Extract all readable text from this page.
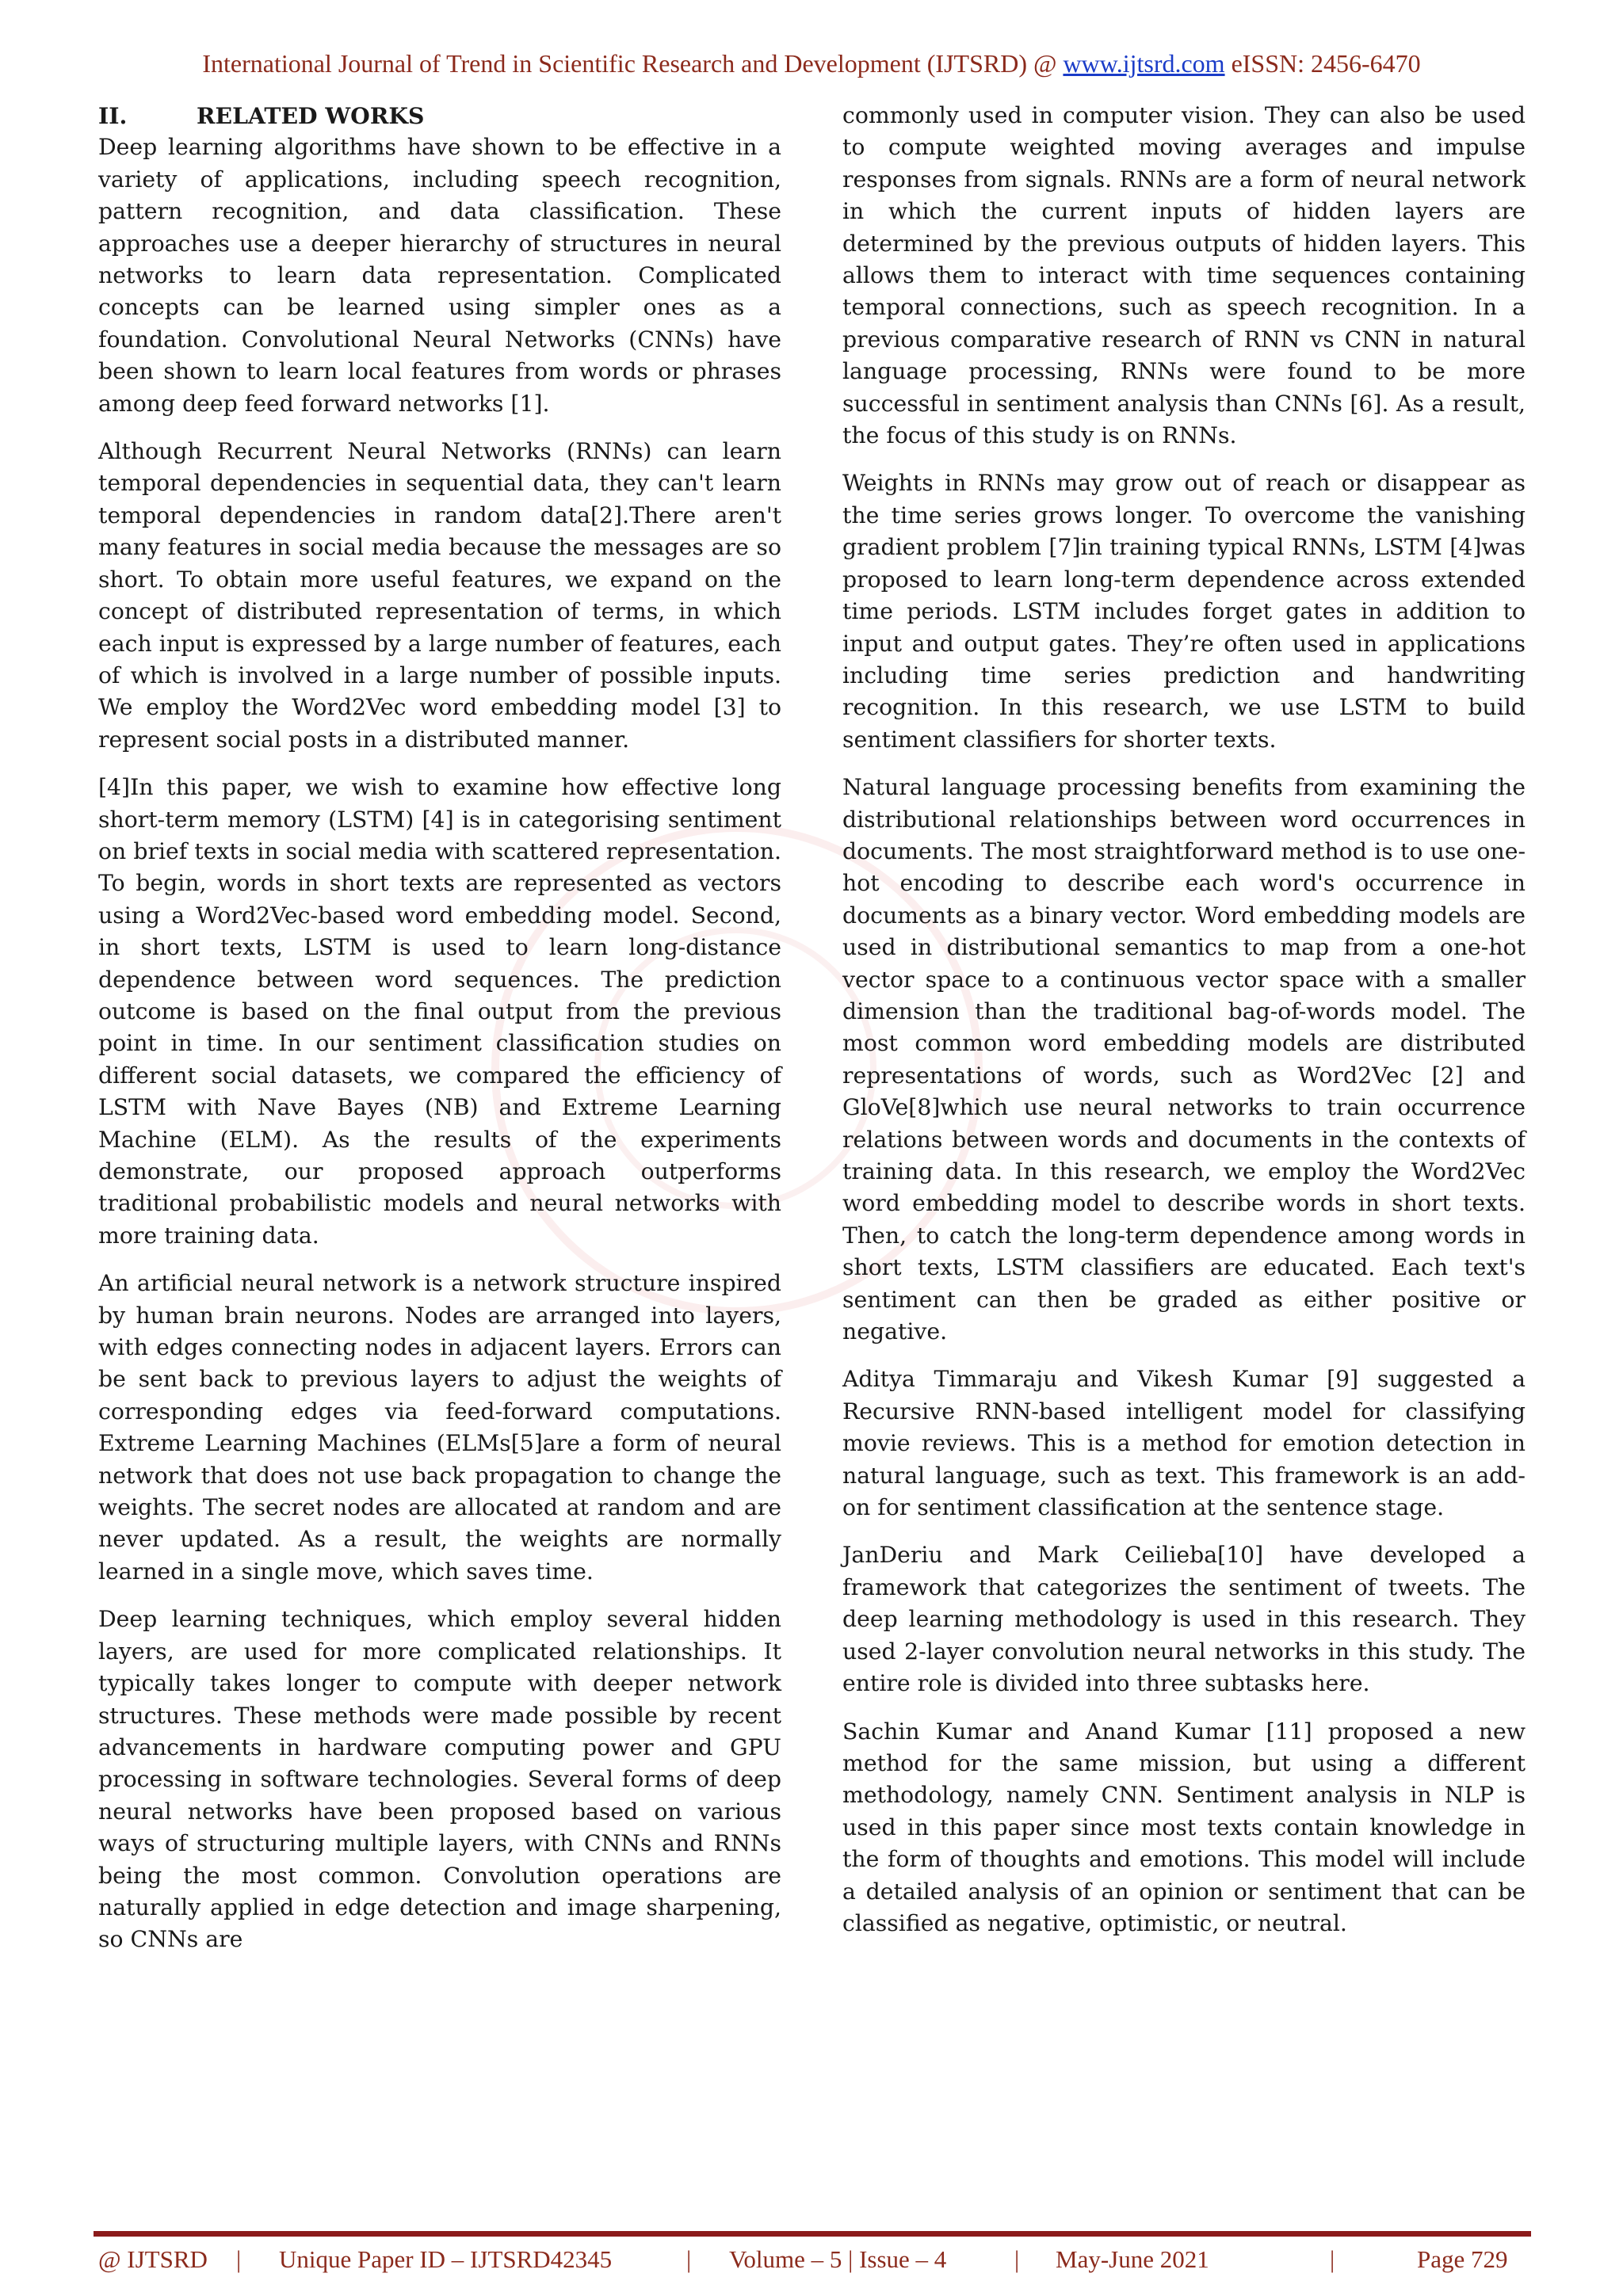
International Journal of Trend in Scientific Research and Development (IJTSRD) @ www.ijtsrd.com eISSN: 2456-6470
II.	RELATED WORKS

Deep learning algorithms have shown to be effective in a variety of applications, including speech recognition, pattern recognition, and data classification. These approaches use a deeper hierarchy of structures in neural networks to learn data representation. Complicated concepts can be learned using simpler ones as a foundation. Convolutional Neural Networks (CNNs) have been shown to learn local features from words or phrases among deep feed forward networks [1].

Although Recurrent Neural Networks (RNNs) can learn temporal dependencies in sequential data, they can't learn temporal dependencies in random data[2].There aren't many features in social media because the messages are so short. To obtain more useful features, we expand on the concept of distributed representation of terms, in which each input is expressed by a large number of features, each of which is involved in a large number of possible inputs. We employ the Word2Vec word embedding model [3] to represent social posts in a distributed manner.

[4]In this paper, we wish to examine how effective long short-term memory (LSTM) [4] is in categorising sentiment on brief texts in social media with scattered representation. To begin, words in short texts are represented as vectors using a Word2Vec-based word embedding model. Second, in short texts, LSTM is used to learn long-distance dependence between word sequences. The prediction outcome is based on the final output from the previous point in time. In our sentiment classification studies on different social datasets, we compared the efficiency of LSTM with Nave Bayes (NB) and Extreme Learning Machine (ELM). As the results of the experiments demonstrate, our proposed approach outperforms traditional probabilistic models and neural networks with more training data.

An artificial neural network is a network structure inspired by human brain neurons. Nodes are arranged into layers, with edges connecting nodes in adjacent layers. Errors can be sent back to previous layers to adjust the weights of corresponding edges via feed-forward computations. Extreme Learning Machines (ELMs[5]are a form of neural network that does not use back propagation to change the weights. The secret nodes are allocated at random and are never updated. As a result, the weights are normally learned in a single move, which saves time.

Deep learning techniques, which employ several hidden layers, are used for more complicated relationships. It typically takes longer to compute with deeper network structures. These methods were made possible by recent advancements in hardware computing power and GPU processing in software technologies. Several forms of deep neural networks have been proposed based on various ways of structuring multiple layers, with CNNs and RNNs being the most common. Convolution operations are naturally applied in edge detection and image sharpening, so CNNs are

commonly used in computer vision. They can also be used to compute weighted moving averages and impulse responses from signals. RNNs are a form of neural network in which the current inputs of hidden layers are determined by the previous outputs of hidden layers. This allows them to interact with time sequences containing temporal connections, such as speech recognition. In a previous comparative research of RNN vs CNN in natural language processing, RNNs were found to be more successful in sentiment analysis than CNNs [6]. As a result, the focus of this study is on RNNs.

Weights in RNNs may grow out of reach or disappear as the time series grows longer. To overcome the vanishing gradient problem [7]in training typical RNNs, LSTM [4]was proposed to learn long-term dependence across extended time periods. LSTM includes forget gates in addition to input and output gates. They’re often used in applications including time series prediction and handwriting recognition. In this research, we use LSTM to build sentiment classifiers for shorter texts.

Natural language processing benefits from examining the distributional relationships between word occurrences in documents. The most straightforward method is to use one-hot encoding to describe each word's occurrence in documents as a binary vector. Word embedding models are used in distributional semantics to map from a one-hot vector space to a continuous vector space with a smaller dimension than the traditional bag-of-words model. The most common word embedding models are distributed representations of words, such as Word2Vec [2] and GloVe[8]which use neural networks to train occurrence relations between words and documents in the contexts of training data. In this research, we employ the Word2Vec word embedding model to describe words in short texts. Then, to catch the long-term dependence among words in short texts, LSTM classifiers are educated. Each text's sentiment can then be graded as either positive or negative.

Aditya Timmaraju and Vikesh Kumar [9] suggested a Recursive RNN-based intelligent model for classifying movie reviews. This is a method for emotion detection in natural language, such as text. This framework is an add-on for sentiment classification at the sentence stage.

JanDeriu and Mark Ceilieba[10] have developed a framework that categorizes the sentiment of tweets. The deep learning methodology is used in this research. They used 2-layer convolution neural networks in this study. The entire role is divided into three subtasks here.

Sachin Kumar and Anand Kumar [11] proposed a new method for the same mission, but using a different methodology, namely CNN. Sentiment analysis in NLP is used in this paper since most texts contain knowledge in the form of thoughts and emotions. This model will include a detailed analysis of an opinion or sentiment that can be classified as negative, optimistic, or neutral.

@ IJTSRD | Unique Paper ID – IJTSRD42345	| Volume – 5 | Issue – 4	| May-June 2021	|	Page 729
